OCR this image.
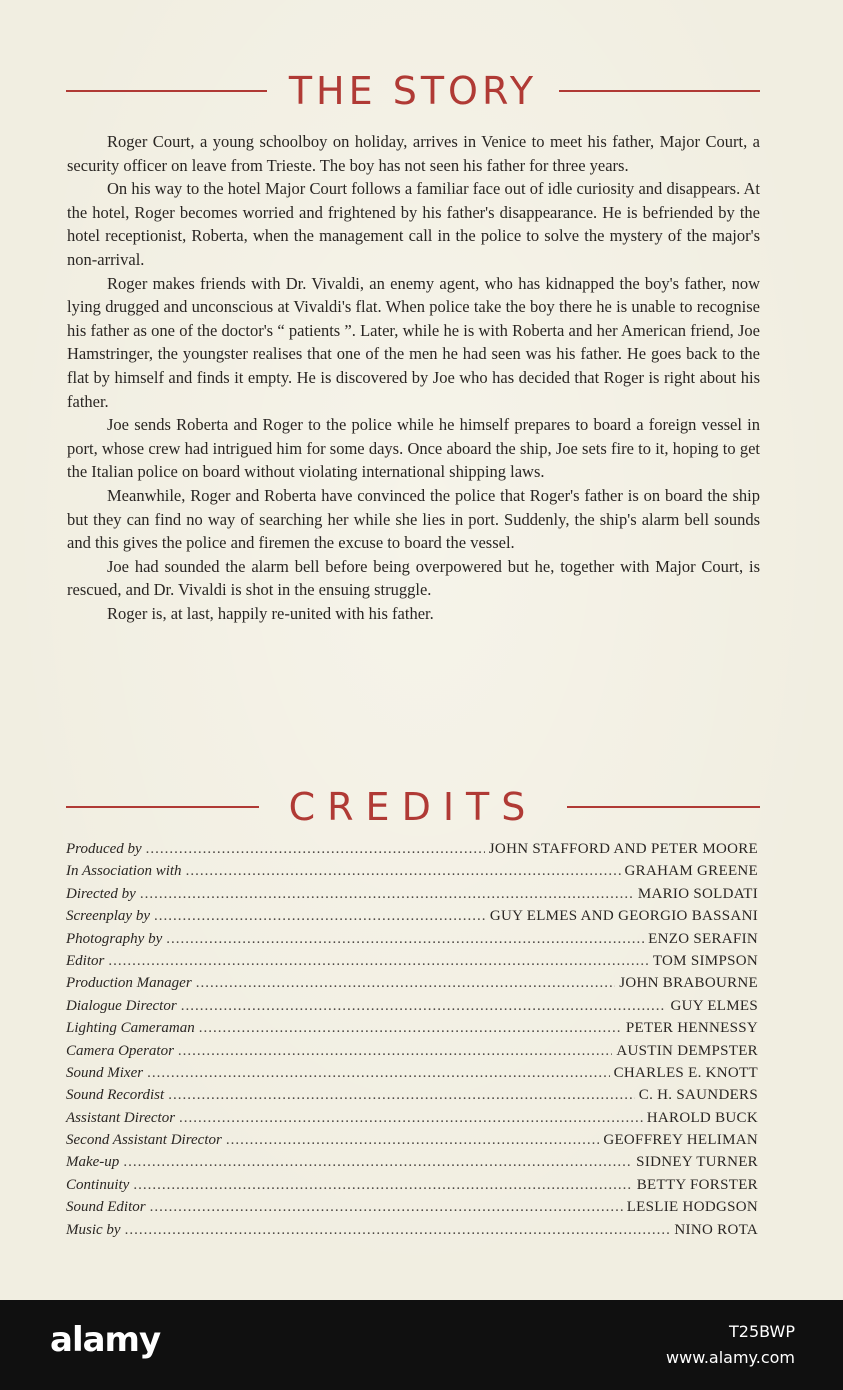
THE STORY

Roger Court, a young schoolboy on holiday, arrives in Venice to meet his father, Major Court, a security officer on leave from Trieste. The boy has not seen his father for three years.

On his way to the hotel Major Court follows a familiar face out of idle curiosity and disappears. At the hotel, Roger becomes worried and frightened by his father's disappearance. He is befriended by the hotel receptionist, Roberta, when the management call in the police to solve the mystery of the major's non-arrival.

Roger makes friends with Dr. Vivaldi, an enemy agent, who has kidnapped the boy's father, now lying drugged and unconscious at Vivaldi's flat. When police take the boy there he is unable to recognise his father as one of the doctor's “ patients ”. Later, while he is with Roberta and her American friend, Joe Hamstringer, the youngster realises that one of the men he had seen was his father. He goes back to the flat by himself and finds it empty. He is discovered by Joe who has decided that Roger is right about his father.

Joe sends Roberta and Roger to the police while he himself prepares to board a foreign vessel in port, whose crew had intrigued him for some days. Once aboard the ship, Joe sets fire to it, hoping to get the Italian police on board without violating international shipping laws.

Meanwhile, Roger and Roberta have convinced the police that Roger's father is on board the ship but they can find no way of searching her while she lies in port. Suddenly, the ship's alarm bell sounds and this gives the police and firemen the excuse to board the vessel.

Joe had sounded the alarm bell before being overpowered but he, together with Major Court, is rescued, and Dr. Vivaldi is shot in the ensuing struggle.

Roger is, at last, happily re-united with his father.

CREDITS
Produced by .....	JOHN STAFFORD AND PETER MOORE
In Association with .....	GRAHAM GREENE
Directed by .....	MARIO SOLDATI
Screenplay by .....	GUY ELMES AND GEORGIO BASSANI
Photography by .....	ENZO SERAFIN
Editor .....	TOM SIMPSON
Production Manager .....	JOHN BRABOURNE
Dialogue Director .....	GUY ELMES
Lighting Cameraman .....	PETER HENNESSY
Camera Operator .....	AUSTIN DEMPSTER
Sound Mixer .....	CHARLES E. KNOTT
Sound Recordist .....	C. H. SAUNDERS
Assistant Director .....	HAROLD BUCK
Second Assistant Director .....	GEOFFREY HELIMAN
Make-up .....	SIDNEY TURNER
Continuity .....	BETTY FORSTER
Sound Editor .....	LESLIE HODGSON
Music by .....	NINO ROTA
alamy	T25BWP
www.alamy.com
